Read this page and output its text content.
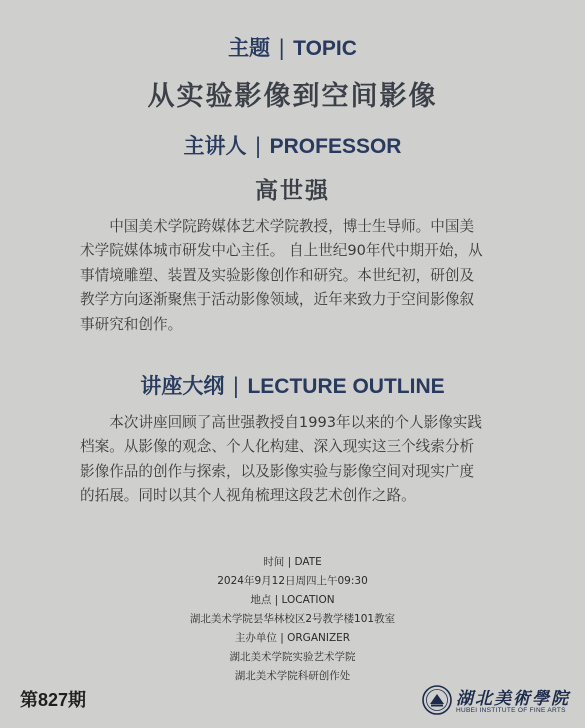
主题 | TOPIC
从实验影像到空间影像
主讲人 | PROFESSOR
高世强
　　中国美术学院跨媒体艺术学院教授，博士生导师。中国美
术学院媒体城市研发中心主任。 自上世纪90年代中期开始，从
事情境雕塑、装置及实验影像创作和研究。本世纪初，研创及
教学方向逐渐聚焦于活动影像领域，近年来致力于空间影像叙
事研究和创作。
讲座大纲 | LECTURE OUTLINE
　　本次讲座回顾了高世强教授自1993年以来的个人影像实践
档案。从影像的观念、个人化构建、深入现实这三个线索分析
影像作品的创作与探索，以及影像实验与影像空间对现实广度
的拓展。同时以其个人视角梳理这段艺术创作之路。
时间 | DATE
2024年9月12日周四上午09:30
地点 | LOCATION
湖北美术学院昙华林校区2号教学楼101教室
主办单位 | ORGANIZER
湖北美术学院实验艺术学院
湖北美术学院科研创作处
第827期	湖北美術學院
HUBEI INSTITUTE OF FINE ARTS
